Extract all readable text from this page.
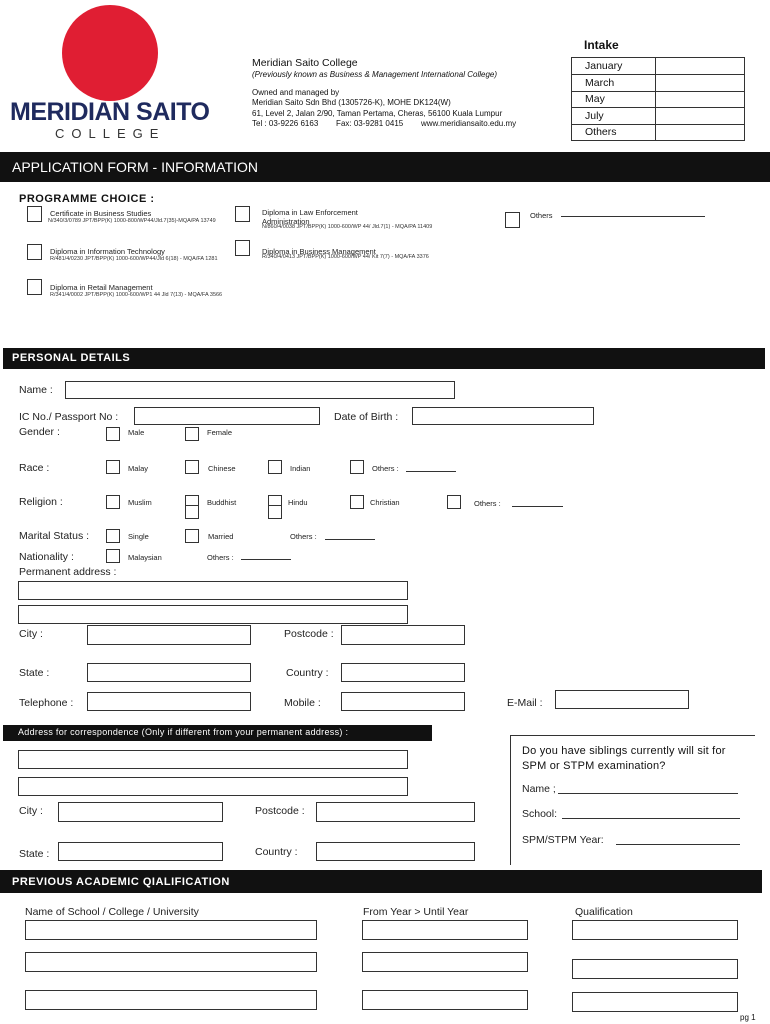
MERIDIAN SAITO
COLLEGE
Meridian Saito College
(Previously known as Business & Management International College)
Owned and managed by
Meridian Saito Sdn Bhd (1305726-K), MOHE DK124(W)
61, Level 2, Jalan 2/90, Taman Pertama, Cheras, 56100 Kuala Lumpur
Tel : 03-9226 6163        Fax: 03-9281 0415        www.meridiansaito.edu.my
Intake
January
March
May
July
Others
APPLICATION FORM - INFORMATION
PROGRAMME CHOICE :
Certificate in Business Studies
N/340/3/0789 JPT/BPP(K) 1000-800/WP44/Jld.7(35)-MQA/PA 13749
Diploma in Law Enforcement Administration
N/860/4/0038 JPT/BPP(K) 1000-600/WP 44/ Jld.7(1) - MQA/PA 11409
Others
Diploma in Information Technology
R/481/4/0230 JPT/BPP(K) 1000-600/WP44/Jld 6(18) - MQA/FA 1281
Diploma in Business Management
R/340/4/0413 JPT/BPP(K) 1000-600/WP 44/ Kit 7(7) - MQA/FA 3376
Diploma in Retail Management
R/341/4/0002 JPT/BPP(K) 1000-600/WP1 44 Jld 7(13) - MQA/FA 3566
PERSONAL DETAILS
Name :
IC No./ Passport No :	Date of Birth :
Gender :	Male	Female
Race :	Malay	Chinese	Indian	Others :
Religion :	Muslim	Buddhist	Hindu	Christian	Others :
Marital Status :	Single	Married	Others :
Nationality :	Malaysian	Others :
Permanent address :
City :	Postcode :
State :	Country :
Telephone :	Mobile :	E-Mail :
Address for correspondence (Only if different from your permanent address) :
City :	Postcode :
State :	Country :
Do you have siblings currently will sit for SPM or STPM examination?
Name ;
School:
SPM/STPM Year:
PREVIOUS ACADEMIC QIALIFICATION
Name of School / College / University	From Year > Until Year	Qualification
pg 1
